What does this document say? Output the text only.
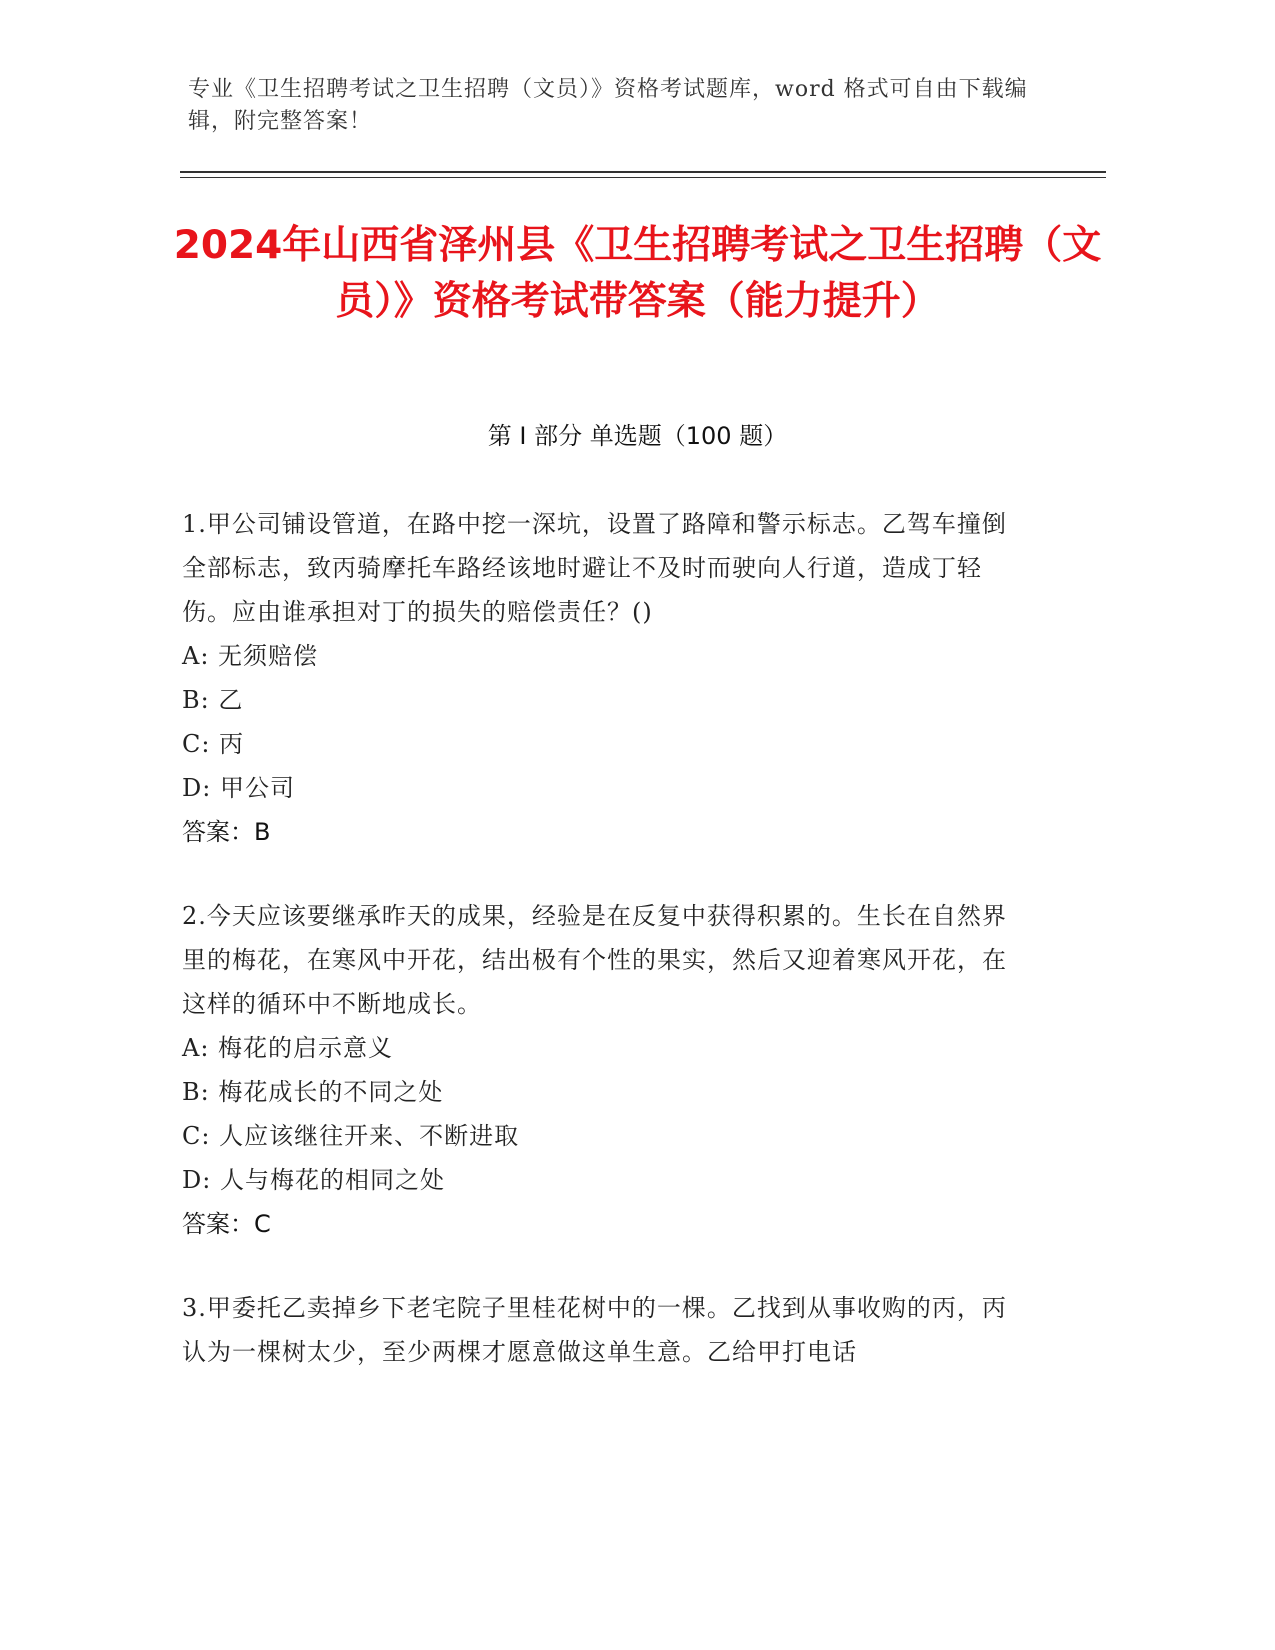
专业《卫生招聘考试之卫生招聘（文员）》资格考试题库，word 格式可自由下载编辑，附完整答案！
2024年山西省泽州县《卫生招聘考试之卫生招聘（文员）》资格考试带答案（能力提升）
第 I 部分 单选题（100 题）

1.甲公司铺设管道，在路中挖一深坑，设置了路障和警示标志。乙驾车撞倒全部标志，致丙骑摩托车路经该地时避让不及时而驶向人行道，造成丁轻伤。应由谁承担对丁的损失的赔偿责任？()

A: 无须赔偿

B: 乙

C: 丙

D: 甲公司

答案：B

2.今天应该要继承昨天的成果，经验是在反复中获得积累的。生长在自然界里的梅花，在寒风中开花，结出极有个性的果实，然后又迎着寒风开花，在这样的循环中不断地成长。

A: 梅花的启示意义

B: 梅花成长的不同之处

C: 人应该继往开来、不断进取

D: 人与梅花的相同之处

答案：C

3.甲委托乙卖掉乡下老宅院子里桂花树中的一棵。乙找到从事收购的丙，丙认为一棵树太少，至少两棵才愿意做这单生意。乙给甲打电话
